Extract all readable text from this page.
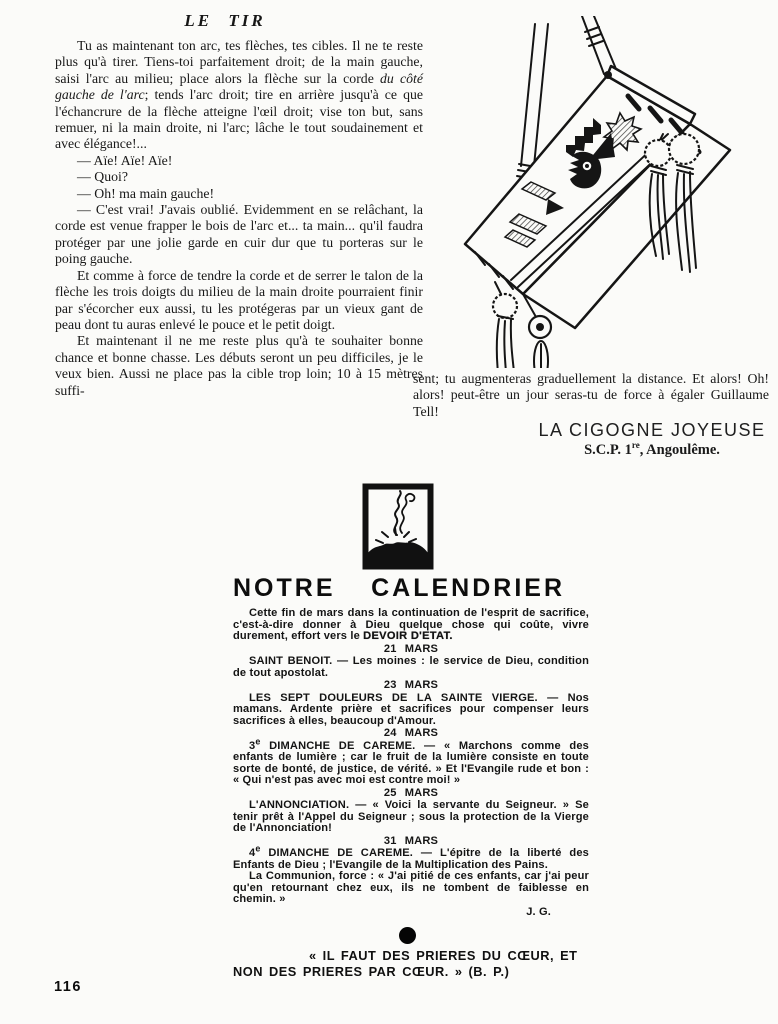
LE TIR

Tu as maintenant ton arc, tes flèches, tes cibles. Il ne te reste plus qu'à tirer. Tiens-toi parfaitement droit; de la main gauche, saisi l'arc au milieu; place alors la flèche sur la corde du côté gauche de l'arc; tends l'arc droit; tire en arrière jusqu'à ce que l'échancrure de la flèche atteigne l'œil droit; vise ton but, sans remuer, ni la main droite, ni l'arc; lâche le tout soudainement et avec élégance!...

— Aïe! Aïe! Aïe!

— Quoi?

— Oh! ma main gauche!

— C'est vrai! J'avais oublié. Evidemment en se relâchant, la corde est venue frapper le bois de l'arc et... ta main... qu'il faudra protéger par une jolie garde en cuir dur que tu porteras sur le poing gauche.

Et comme à force de tendre la corde et de serrer le talon de la flèche les trois doigts du milieu de la main droite pourraient finir par s'écorcher eux aussi, tu les protégeras par un vieux gant de peau dont tu auras enlevé le pouce et le petit doigt.

Et maintenant il ne me reste plus qu'à te souhaiter bonne chance et bonne chasse. Les débuts seront un peu difficiles, je le veux bien. Aussi ne place pas la cible trop loin; 10 à 15 mètres suffi-

sent; tu augmenteras graduellement la distance. Et alors! Oh! alors! peut-être un jour seras-tu de force à égaler Guillaume Tell!
LA CIGOGNE JOYEUSE
S.C.P. 1re, Angoulême.
NOTRE CALENDRIER

Cette fin de mars dans la continuation de l'esprit de sacrifice, c'est-à-dire donner à Dieu quelque chose qui coûte, vivre durement, effort vers le DEVOIR D'ETAT.

21 MARS

SAINT BENOIT. — Les moines : le service de Dieu, condition de tout apostolat.

23 MARS

LES SEPT DOULEURS DE LA SAINTE VIERGE. — Nos mamans. Ardente prière et sacrifices pour compenser leurs sacrifices à elles, beaucoup d'Amour.

24 MARS

3e DIMANCHE DE CAREME. — « Marchons comme des enfants de lumière ; car le fruit de la lumière consiste en toute sorte de bonté, de justice, de vérité. » Et l'Evangile rude et bon : « Qui n'est pas avec moi est contre moi! »

25 MARS

L'ANNONCIATION. — « Voici la servante du Seigneur. » Se tenir prêt à l'Appel du Seigneur ; sous la protection de la Vierge de l'Annonciation!

31 MARS

4e DIMANCHE DE CAREME. — L'épitre de la liberté des Enfants de Dieu ; l'Evangile de la Multiplication des Pains.

La Communion, force : « J'ai pitié de ces enfants, car j'ai peur qu'en retournant chez eux, ils ne tombent de faiblesse en chemin. »

J. G.
« IL FAUT DES PRIERES DU CŒUR, ET
NON DES PRIERES PAR CŒUR. » (B. P.)
116
